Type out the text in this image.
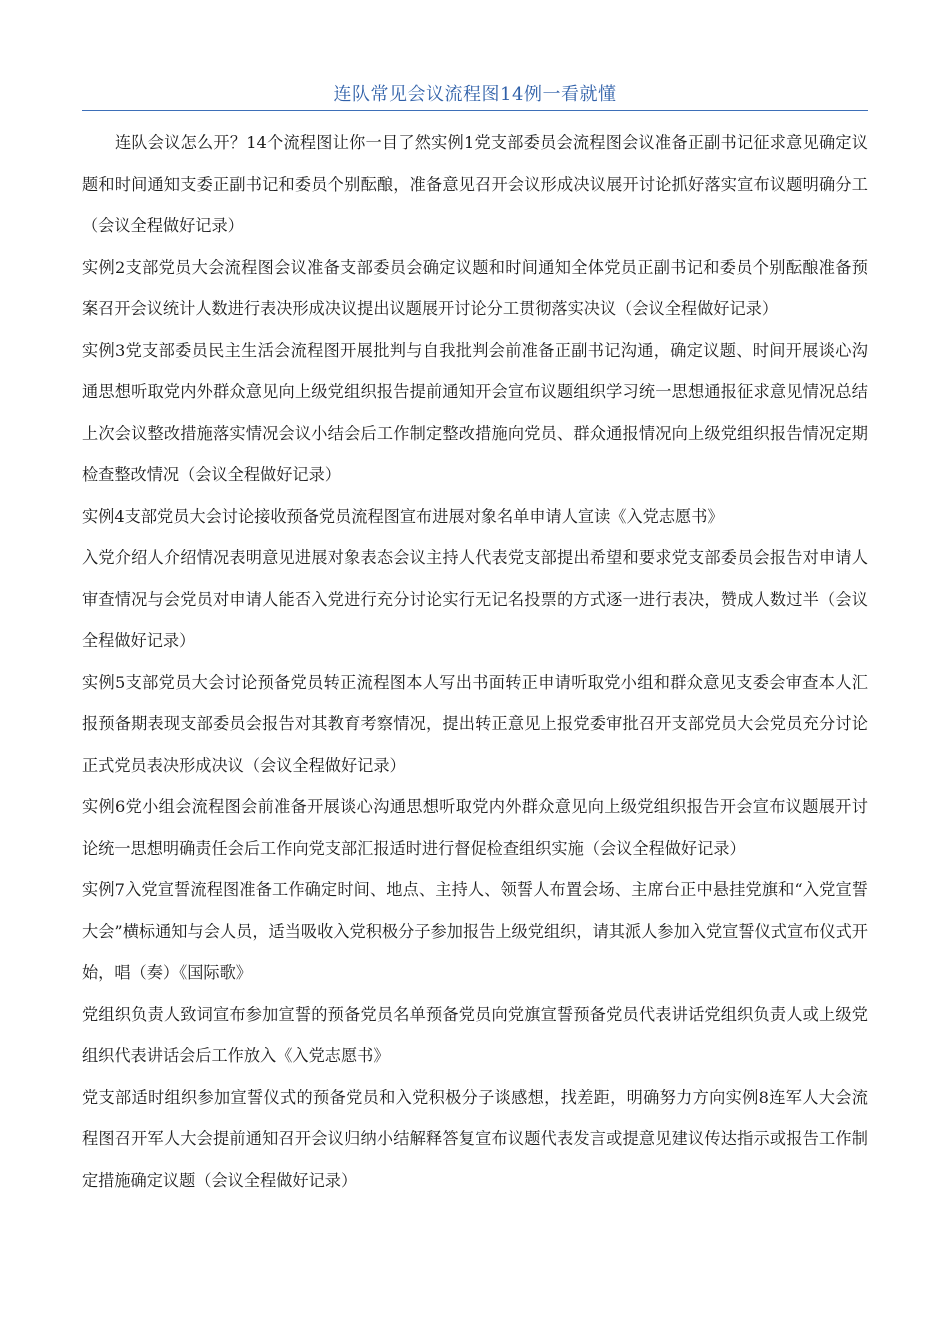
连队常见会议流程图14例一看就懂

连队会议怎么开？14个流程图让你一目了然实例1党支部委员会流程图会议准备正副书记征求意见确定议题和时间通知支委正副书记和委员个别酝酿，准备意见召开会议形成决议展开讨论抓好落实宣布议题明确分工（会议全程做好记录）

实例2支部党员大会流程图会议准备支部委员会确定议题和时间通知全体党员正副书记和委员个别酝酿准备预案召开会议统计人数进行表决形成决议提出议题展开讨论分工贯彻落实决议（会议全程做好记录）

实例3党支部委员民主生活会流程图开展批判与自我批判会前准备正副书记沟通，确定议题、时间开展谈心沟通思想听取党内外群众意见向上级党组织报告提前通知开会宣布议题组织学习统一思想通报征求意见情况总结上次会议整改措施落实情况会议小结会后工作制定整改措施向党员、群众通报情况向上级党组织报告情况定期检查整改情况（会议全程做好记录）

实例4支部党员大会讨论接收预备党员流程图宣布进展对象名单申请人宣读《入党志愿书》

入党介绍人介绍情况表明意见进展对象表态会议主持人代表党支部提出希望和要求党支部委员会报告对申请人审查情况与会党员对申请人能否入党进行充分讨论实行无记名投票的方式逐一进行表决，赞成人数过半（会议全程做好记录）

实例5支部党员大会讨论预备党员转正流程图本人写出书面转正申请听取党小组和群众意见支委会审查本人汇报预备期表现支部委员会报告对其教育考察情况，提出转正意见上报党委审批召开支部党员大会党员充分讨论正式党员表决形成决议（会议全程做好记录）

实例6党小组会流程图会前准备开展谈心沟通思想听取党内外群众意见向上级党组织报告开会宣布议题展开讨论统一思想明确责任会后工作向党支部汇报适时进行督促检查组织实施（会议全程做好记录）

实例7入党宣誓流程图准备工作确定时间、地点、主持人、领誓人布置会场、主席台正中悬挂党旗和“入党宣誓大会”横标通知与会人员，适当吸收入党积极分子参加报告上级党组织，请其派人参加入党宣誓仪式宣布仪式开始，唱（奏）《国际歌》

党组织负责人致词宣布参加宣誓的预备党员名单预备党员向党旗宣誓预备党员代表讲话党组织负责人或上级党组织代表讲话会后工作放入《入党志愿书》

党支部适时组织参加宣誓仪式的预备党员和入党积极分子谈感想，找差距，明确努力方向实例8连军人大会流程图召开军人大会提前通知召开会议归纳小结解释答复宣布议题代表发言或提意见建议传达指示或报告工作制定措施确定议题（会议全程做好记录）
